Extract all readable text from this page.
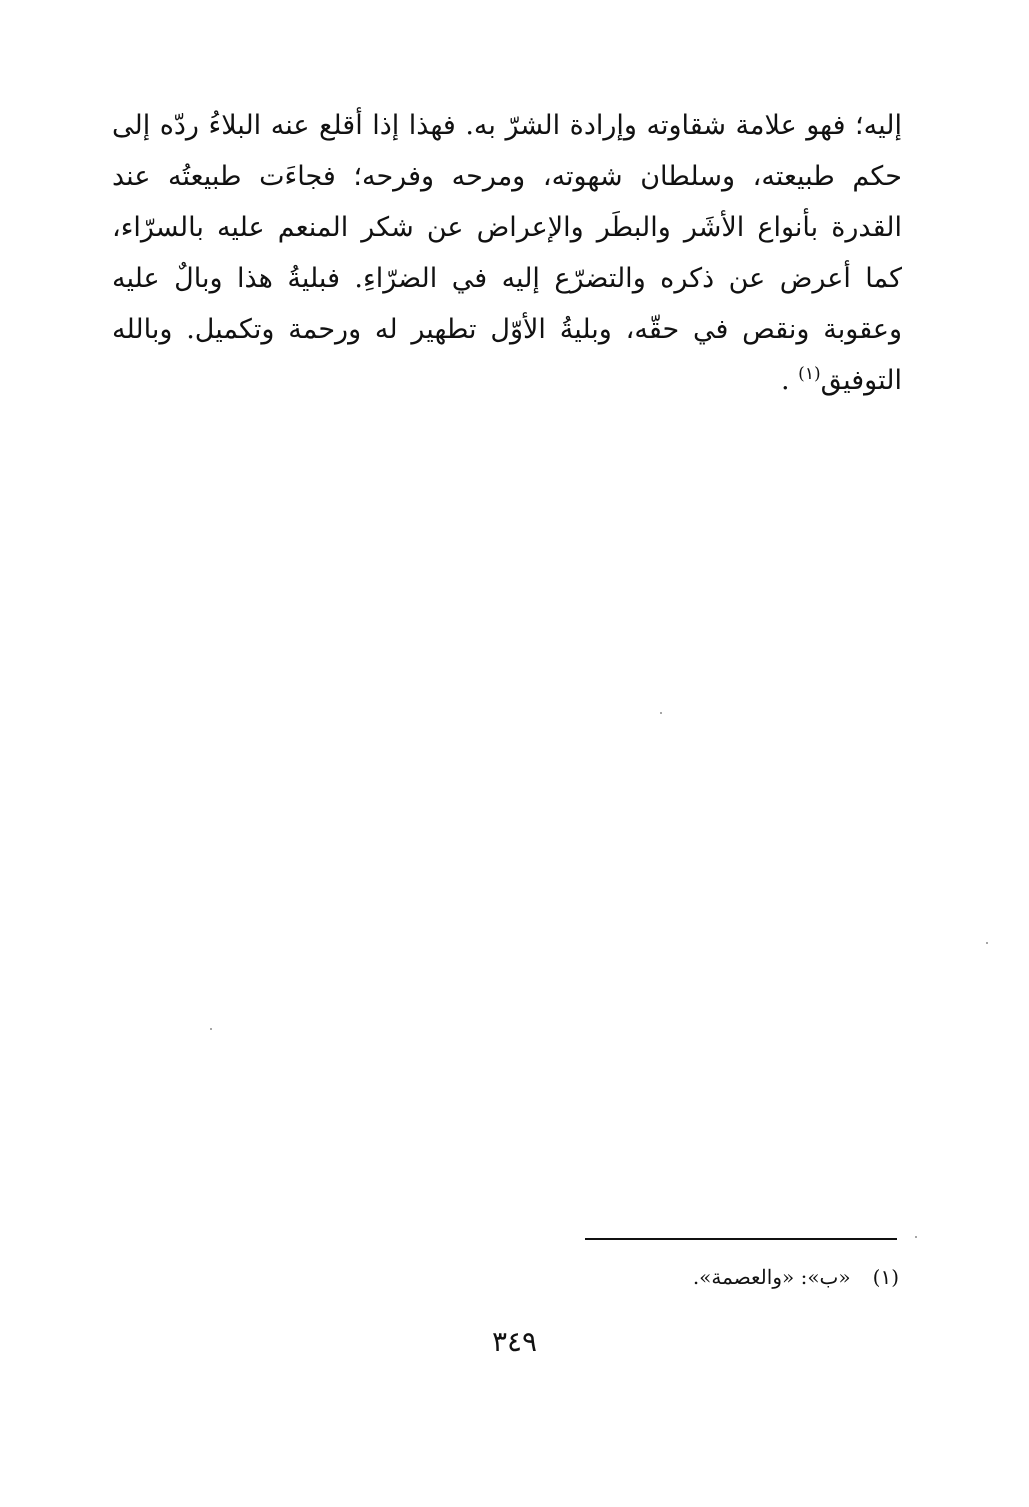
إليه؛ فهو علامة شقاوته وإرادة الشرّ به. فهذا إذا أقلع عنه البلاءُ ردّه إلى
حكم طبيعته، وسلطان شهوته، ومرحه وفرحه؛ فجاءَت طبيعتُه عند
القدرة بأنواع الأشَر والبطَر والإعراض عن شكر المنعم عليه بالسرّاء،
كما أعرض عن ذكره والتضرّع إليه في الضرّاءِ. فبليةُ هذا وبالٌ عليه
وعقوبة ونقص في حقّه، وبليةُ الأوّل تطهير له ورحمة وتكميل. وبالله
التوفيق$^{(١)}$ .
(١)«ب»: «والعصمة».
٣٤٩
